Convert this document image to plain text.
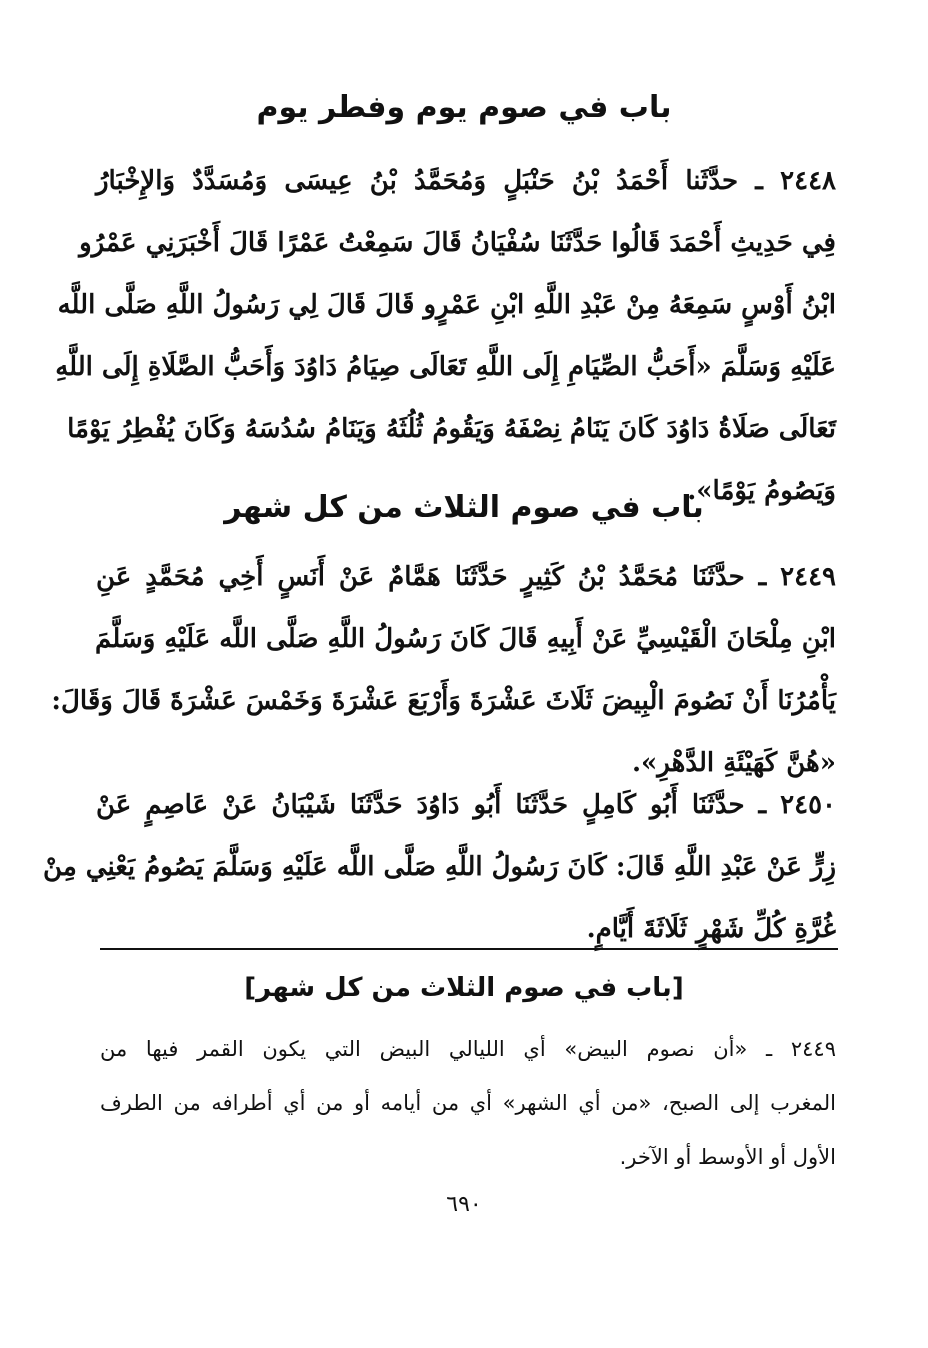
باب في صوم يوم وفطر يوم
٢٤٤٨ ـ حدَّثَنا أَحْمَدُ بْنُ حَنْبَلٍ وَمُحَمَّدُ بْنُ عِيسَى وَمُسَدَّدٌ وَالإِخْبَارُ
فِي حَدِيثِ أَحْمَدَ قَالُوا حَدَّثَنَا سُفْيَانُ قَالَ سَمِعْتُ عَمْرًا قَالَ أَخْبَرَنِي عَمْرُو
ابْنُ أَوْسٍ سَمِعَهُ مِنْ عَبْدِ اللَّهِ ابْنِ عَمْرٍو قَالَ قَالَ لِي رَسُولُ اللَّهِ صَلَّى اللَّه
عَلَيْهِ وَسَلَّمَ «أَحَبُّ الصِّيَامِ إِلَى اللَّهِ تَعَالَى صِيَامُ دَاوُدَ وَأَحَبُّ الصَّلَاةِ إِلَى اللَّهِ
تَعَالَى صَلَاةُ دَاوُدَ كَانَ يَنَامُ نِصْفَهُ وَيَقُومُ ثُلُثَهُ وَيَنَامُ سُدُسَهُ وَكَانَ يُفْطِرُ يَوْمًا
وَيَصُومُ يَوْمًا».
باب في صوم الثلاث من كل شهر
٢٤٤٩ ـ حدَّثَنَا مُحَمَّدُ بْنُ كَثِيرٍ حَدَّثَنَا هَمَّامٌ عَنْ أَنَسٍ أَخِي مُحَمَّدٍ عَنِ
ابْنِ مِلْحَانَ الْقَيْسِيِّ عَنْ أَبِيهِ قَالَ كَانَ رَسُولُ اللَّهِ صَلَّى اللَّه عَلَيْهِ وَسَلَّمَ
يَأْمُرُنَا أَنْ نَصُومَ الْبِيضَ ثَلَاثَ عَشْرَةَ وَأَرْبَعَ عَشْرَةَ وَخَمْسَ عَشْرَةَ قَالَ وَقَالَ:
«هُنَّ كَهَيْئَةِ الدَّهْرِ».
٢٤٥٠ ـ حدَّثَنَا أَبُو كَامِلٍ حَدَّثَنَا أَبُو دَاوُدَ حَدَّثَنَا شَيْبَانُ عَنْ عَاصِمٍ عَنْ
زِرٍّ عَنْ عَبْدِ اللَّهِ قَالَ: كَانَ رَسُولُ اللَّهِ صَلَّى اللَّه عَلَيْهِ وَسَلَّمَ يَصُومُ يَعْنِي مِنْ
غُرَّةِ كُلِّ شَهْرٍ ثَلَاثَةَ أَيَّامٍ.
[باب في صوم الثلاث من كل شهر]
٢٤٤٩ ـ «أن نصوم البيض» أي الليالي البيض التي يكون القمر فيها من
المغرب إلى الصبح، «من أي الشهر» أي من أيامه أو من أي أطرافه من الطرف
الأول أو الأوسط أو الآخر.
٦٩٠
